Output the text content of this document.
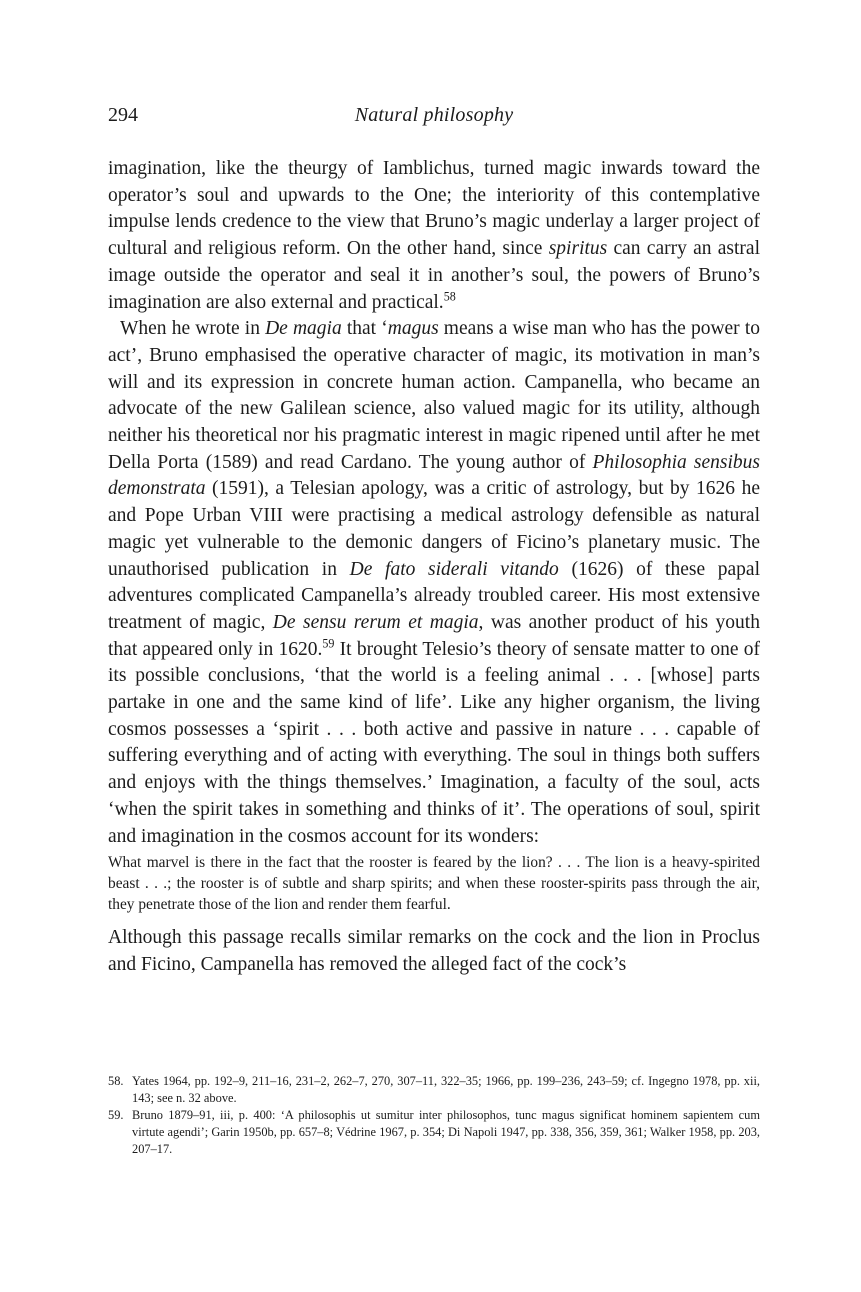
294	Natural philosophy

imagination, like the theurgy of Iamblichus, turned magic inwards toward the operator’s soul and upwards to the One; the interiority of this contemplative impulse lends credence to the view that Bruno’s magic underlay a larger project of cultural and religious reform. On the other hand, since spiritus can carry an astral image outside the operator and seal it in another’s soul, the powers of Bruno’s imagination are also external and practical.$^{58}$

When he wrote in De magia that ‘magus means a wise man who has the power to act’, Bruno emphasised the operative character of magic, its motivation in man’s will and its expression in concrete human action. Campanella, who became an advocate of the new Galilean science, also valued magic for its utility, although neither his theoretical nor his pragmatic interest in magic ripened until after he met Della Porta (1589) and read Cardano. The young author of Philosophia sensibus demonstrata (1591), a Telesian apology, was a critic of astrology, but by 1626 he and Pope Urban VIII were practising a medical astrology defensible as natural magic yet vulnerable to the demonic dangers of Ficino’s planetary music. The unauthorised publication in De fato siderali vitando (1626) of these papal adventures complicated Campanella’s already troubled career. His most extensive treatment of magic, De sensu rerum et magia, was another product of his youth that appeared only in 1620.59 It brought Telesio’s theory of sensate matter to one of its possible conclusions, ‘that the world is a feeling animal . . . [whose] parts partake in one and the same kind of life’. Like any higher organism, the living cosmos possesses a ‘spirit . . . both active and passive in nature . . . capable of suffering everything and of acting with everything. The soul in things both suffers and enjoys with the things themselves.’ Imagination, a faculty of the soul, acts ‘when the spirit takes in something and thinks of it’. The operations of soul, spirit and imagination in the cosmos account for its wonders:

What marvel is there in the fact that the rooster is feared by the lion? . . . The lion is a heavy-spirited beast . . .; the rooster is of subtle and sharp spirits; and when these rooster-spirits pass through the air, they penetrate those of the lion and render them fearful.

Although this passage recalls similar remarks on the cock and the lion in Proclus and Ficino, Campanella has removed the alleged fact of the cock’s

58. Yates 1964, pp. 192–9, 211–16, 231–2, 262–7, 270, 307–11, 322–35; 1966, pp. 199–236, 243–59; cf. Ingegno 1978, pp. xii, 143; see n. 32 above.

59. Bruno 1879–91, iii, p. 400: ‘A philosophis ut sumitur inter philosophos, tunc magus significat hominem sapientem cum virtute agendi’; Garin 1950b, pp. 657–8; Védrine 1967, p. 354; Di Napoli 1947, pp. 338, 356, 359, 361; Walker 1958, pp. 203, 207–17.
